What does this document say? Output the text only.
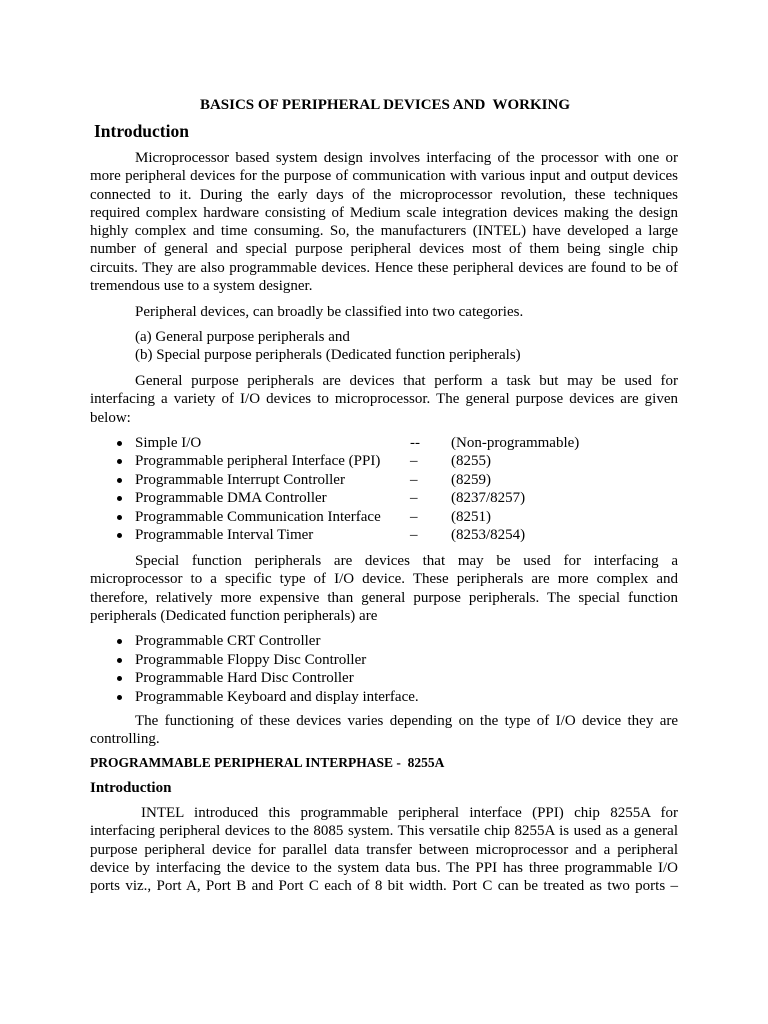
BASICS OF PERIPHERAL DEVICES AND  WORKING
Introduction
Microprocessor based system design involves interfacing of the processor with one or
more peripheral devices for the purpose of communication with various input and output devices
connected to it. During the early days of the microprocessor revolution, these techniques
required complex hardware consisting of Medium scale integration devices making the design
highly complex and time consuming. So, the manufacturers (INTEL) have developed a large
number of general and special purpose peripheral devices most of them being single chip
circuits. They are also programmable devices. Hence these peripheral devices are found to be of
tremendous use to a system designer.
Peripheral devices, can broadly be classified into two categories.
(a) General purpose peripherals and
(b) Special purpose peripherals (Dedicated function peripherals)
General purpose peripherals are devices that perform a task but may be used for
interfacing a variety of I/O devices to microprocessor. The general purpose devices are given
below:
Simple I/O	-- (Non-programmable)
Programmable peripheral Interface (PPI) – (8255)
Programmable Interrupt Controller	– (8259)
Programmable DMA Controller	– (8237/8257)
Programmable Communication Interface – (8251)
Programmable Interval Timer	– (8253/8254)
Special function peripherals are devices that may be used for interfacing a
microprocessor to a specific type of I/O device. These peripherals are more complex and
therefore, relatively more expensive than general purpose peripherals. The special function
peripherals (Dedicated function peripherals) are
Programmable CRT Controller
Programmable Floppy Disc Controller
Programmable Hard Disc Controller
Programmable Keyboard and display interface.
The functioning of these devices varies depending on the type of I/O device they are
controlling.
PROGRAMMABLE PERIPHERAL INTERPHASE -  8255A
Introduction
INTEL introduced this programmable peripheral interface (PPI) chip 8255A for
interfacing peripheral devices to the 8085 system. This versatile chip 8255A is used as a general
purpose peripheral device for parallel data transfer between microprocessor and a peripheral
device by interfacing the device to the system data bus. The PPI has three programmable I/O
ports viz., Port A, Port B and Port C each of 8 bit width. Port C can be treated as two ports –
